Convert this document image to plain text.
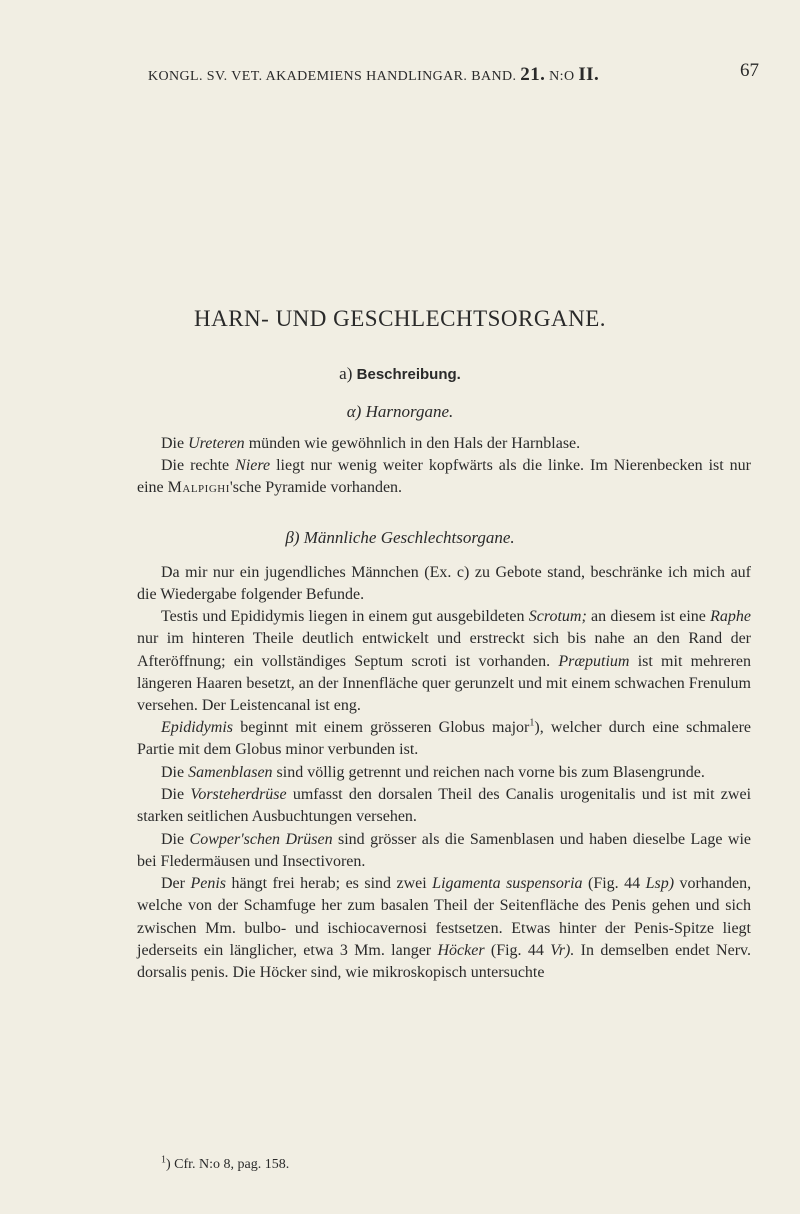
KONGL. SV. VET. AKADEMIENS HANDLINGAR. BAND. 21. N:O II.	67
HARN- UND GESCHLECHTSORGANE.
a) Beschreibung.
α) Harnorgane.

Die Ureteren münden wie gewöhnlich in den Hals der Harnblase.

Die rechte Niere liegt nur wenig weiter kopfwärts als die linke. Im Nierenbecken ist nur eine Malpighi'sche Pyramide vorhanden.

β) Männliche Geschlechtsorgane.

Da mir nur ein jugendliches Männchen (Ex. c) zu Gebote stand, beschränke ich mich auf die Wiedergabe folgender Befunde.

Testis und Epididymis liegen in einem gut ausgebildeten Scrotum; an diesem ist eine Raphe nur im hinteren Theile deutlich entwickelt und erstreckt sich bis nahe an den Rand der Afteröffnung; ein vollständiges Septum scroti ist vorhanden. Præputium ist mit mehreren längeren Haaren besetzt, an der Innenfläche quer gerunzelt und mit einem schwachen Frenulum versehen. Der Leistencanal ist eng.

Epididymis beginnt mit einem grösseren Globus major$^1$), welcher durch eine schmalere Partie mit dem Globus minor verbunden ist.

Die Samenblasen sind völlig getrennt und reichen nach vorne bis zum Blasengrunde.

Die Vorsteherdrüse umfasst den dorsalen Theil des Canalis urogenitalis und ist mit zwei starken seitlichen Ausbuchtungen versehen.

Die Cowper'schen Drüsen sind grösser als die Samenblasen und haben dieselbe Lage wie bei Fledermäusen und Insectivoren.

Der Penis hängt frei herab; es sind zwei Ligamenta suspensoria (Fig. 44 Lsp) vorhanden, welche von der Schamfuge her zum basalen Theil der Seitenfläche des Penis gehen und sich zwischen Mm. bulbo- und ischiocavernosi festsetzen. Etwas hinter der Penis-Spitze liegt jederseits ein länglicher, etwa 3 Mm. langer Höcker (Fig. 44 Vr). In demselben endet Nerv. dorsalis penis. Die Höcker sind, wie mikroskopisch untersuchte

$^1$) Cfr. N:o 8, pag. 158.
